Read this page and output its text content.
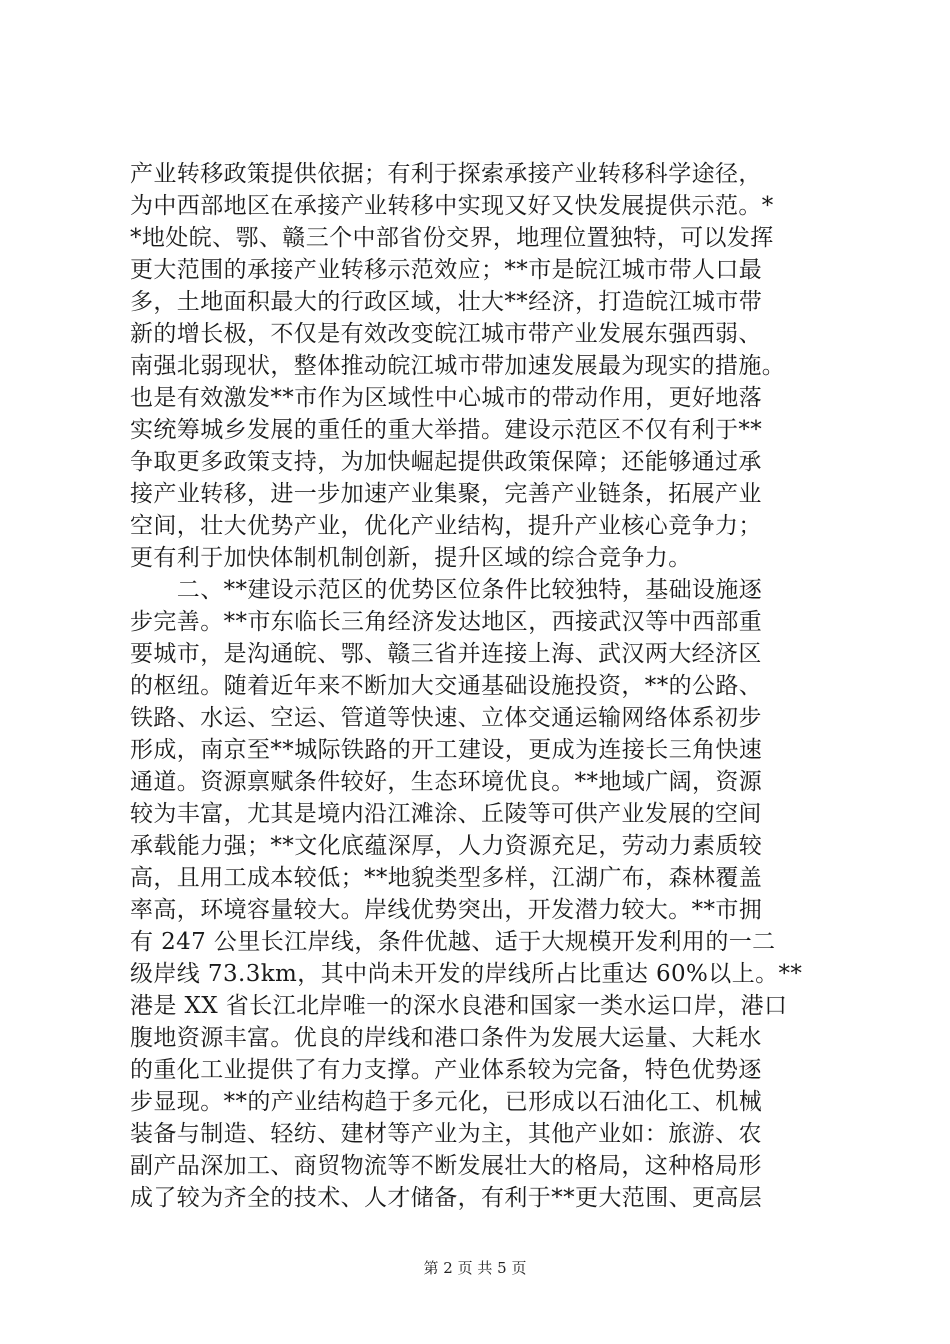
产业转移政策提供依据；有利于探索承接产业转移科学途径，
为中西部地区在承接产业转移中实现又好又快发展提供示范。*
*地处皖、鄂、赣三个中部省份交界，地理位置独特，可以发挥
更大范围的承接产业转移示范效应；**市是皖江城市带人口最
多，土地面积最大的行政区域，壮大**经济，打造皖江城市带
新的增长极，不仅是有效改变皖江城市带产业发展东强西弱、
南强北弱现状，整体推动皖江城市带加速发展最为现实的措施。
也是有效激发**市作为区域性中心城市的带动作用，更好地落
实统筹城乡发展的重任的重大举措。建设示范区不仅有利于**
争取更多政策支持，为加快崛起提供政策保障；还能够通过承
接产业转移，进一步加速产业集聚，完善产业链条，拓展产业
空间，壮大优势产业，优化产业结构，提升产业核心竞争力；
更有利于加快体制机制创新，提升区域的综合竞争力。
　　二、**建设示范区的优势区位条件比较独特，基础设施逐
步完善。**市东临长三角经济发达地区，西接武汉等中西部重
要城市，是沟通皖、鄂、赣三省并连接上海、武汉两大经济区
的枢纽。随着近年来不断加大交通基础设施投资，**的公路、
铁路、水运、空运、管道等快速、立体交通运输网络体系初步
形成，南京至**城际铁路的开工建设，更成为连接长三角快速
通道。资源禀赋条件较好，生态环境优良。**地域广阔，资源
较为丰富，尤其是境内沿江滩涂、丘陵等可供产业发展的空间
承载能力强；**文化底蕴深厚，人力资源充足，劳动力素质较
高，且用工成本较低；**地貌类型多样，江湖广布，森林覆盖
率高，环境容量较大。岸线优势突出，开发潜力较大。**市拥
有 247 公里长江岸线，条件优越、适于大规模开发利用的一二
级岸线 73.3km，其中尚未开发的岸线所占比重达 60%以上。**
港是 XX 省长江北岸唯一的深水良港和国家一类水运口岸，港口
腹地资源丰富。优良的岸线和港口条件为发展大运量、大耗水
的重化工业提供了有力支撑。产业体系较为完备，特色优势逐
步显现。**的产业结构趋于多元化，已形成以石油化工、机械
装备与制造、轻纺、建材等产业为主，其他产业如：旅游、农
副产品深加工、商贸物流等不断发展壮大的格局，这种格局形
成了较为齐全的技术、人才储备，有利于**更大范围、更高层
第 2 页 共 5 页
